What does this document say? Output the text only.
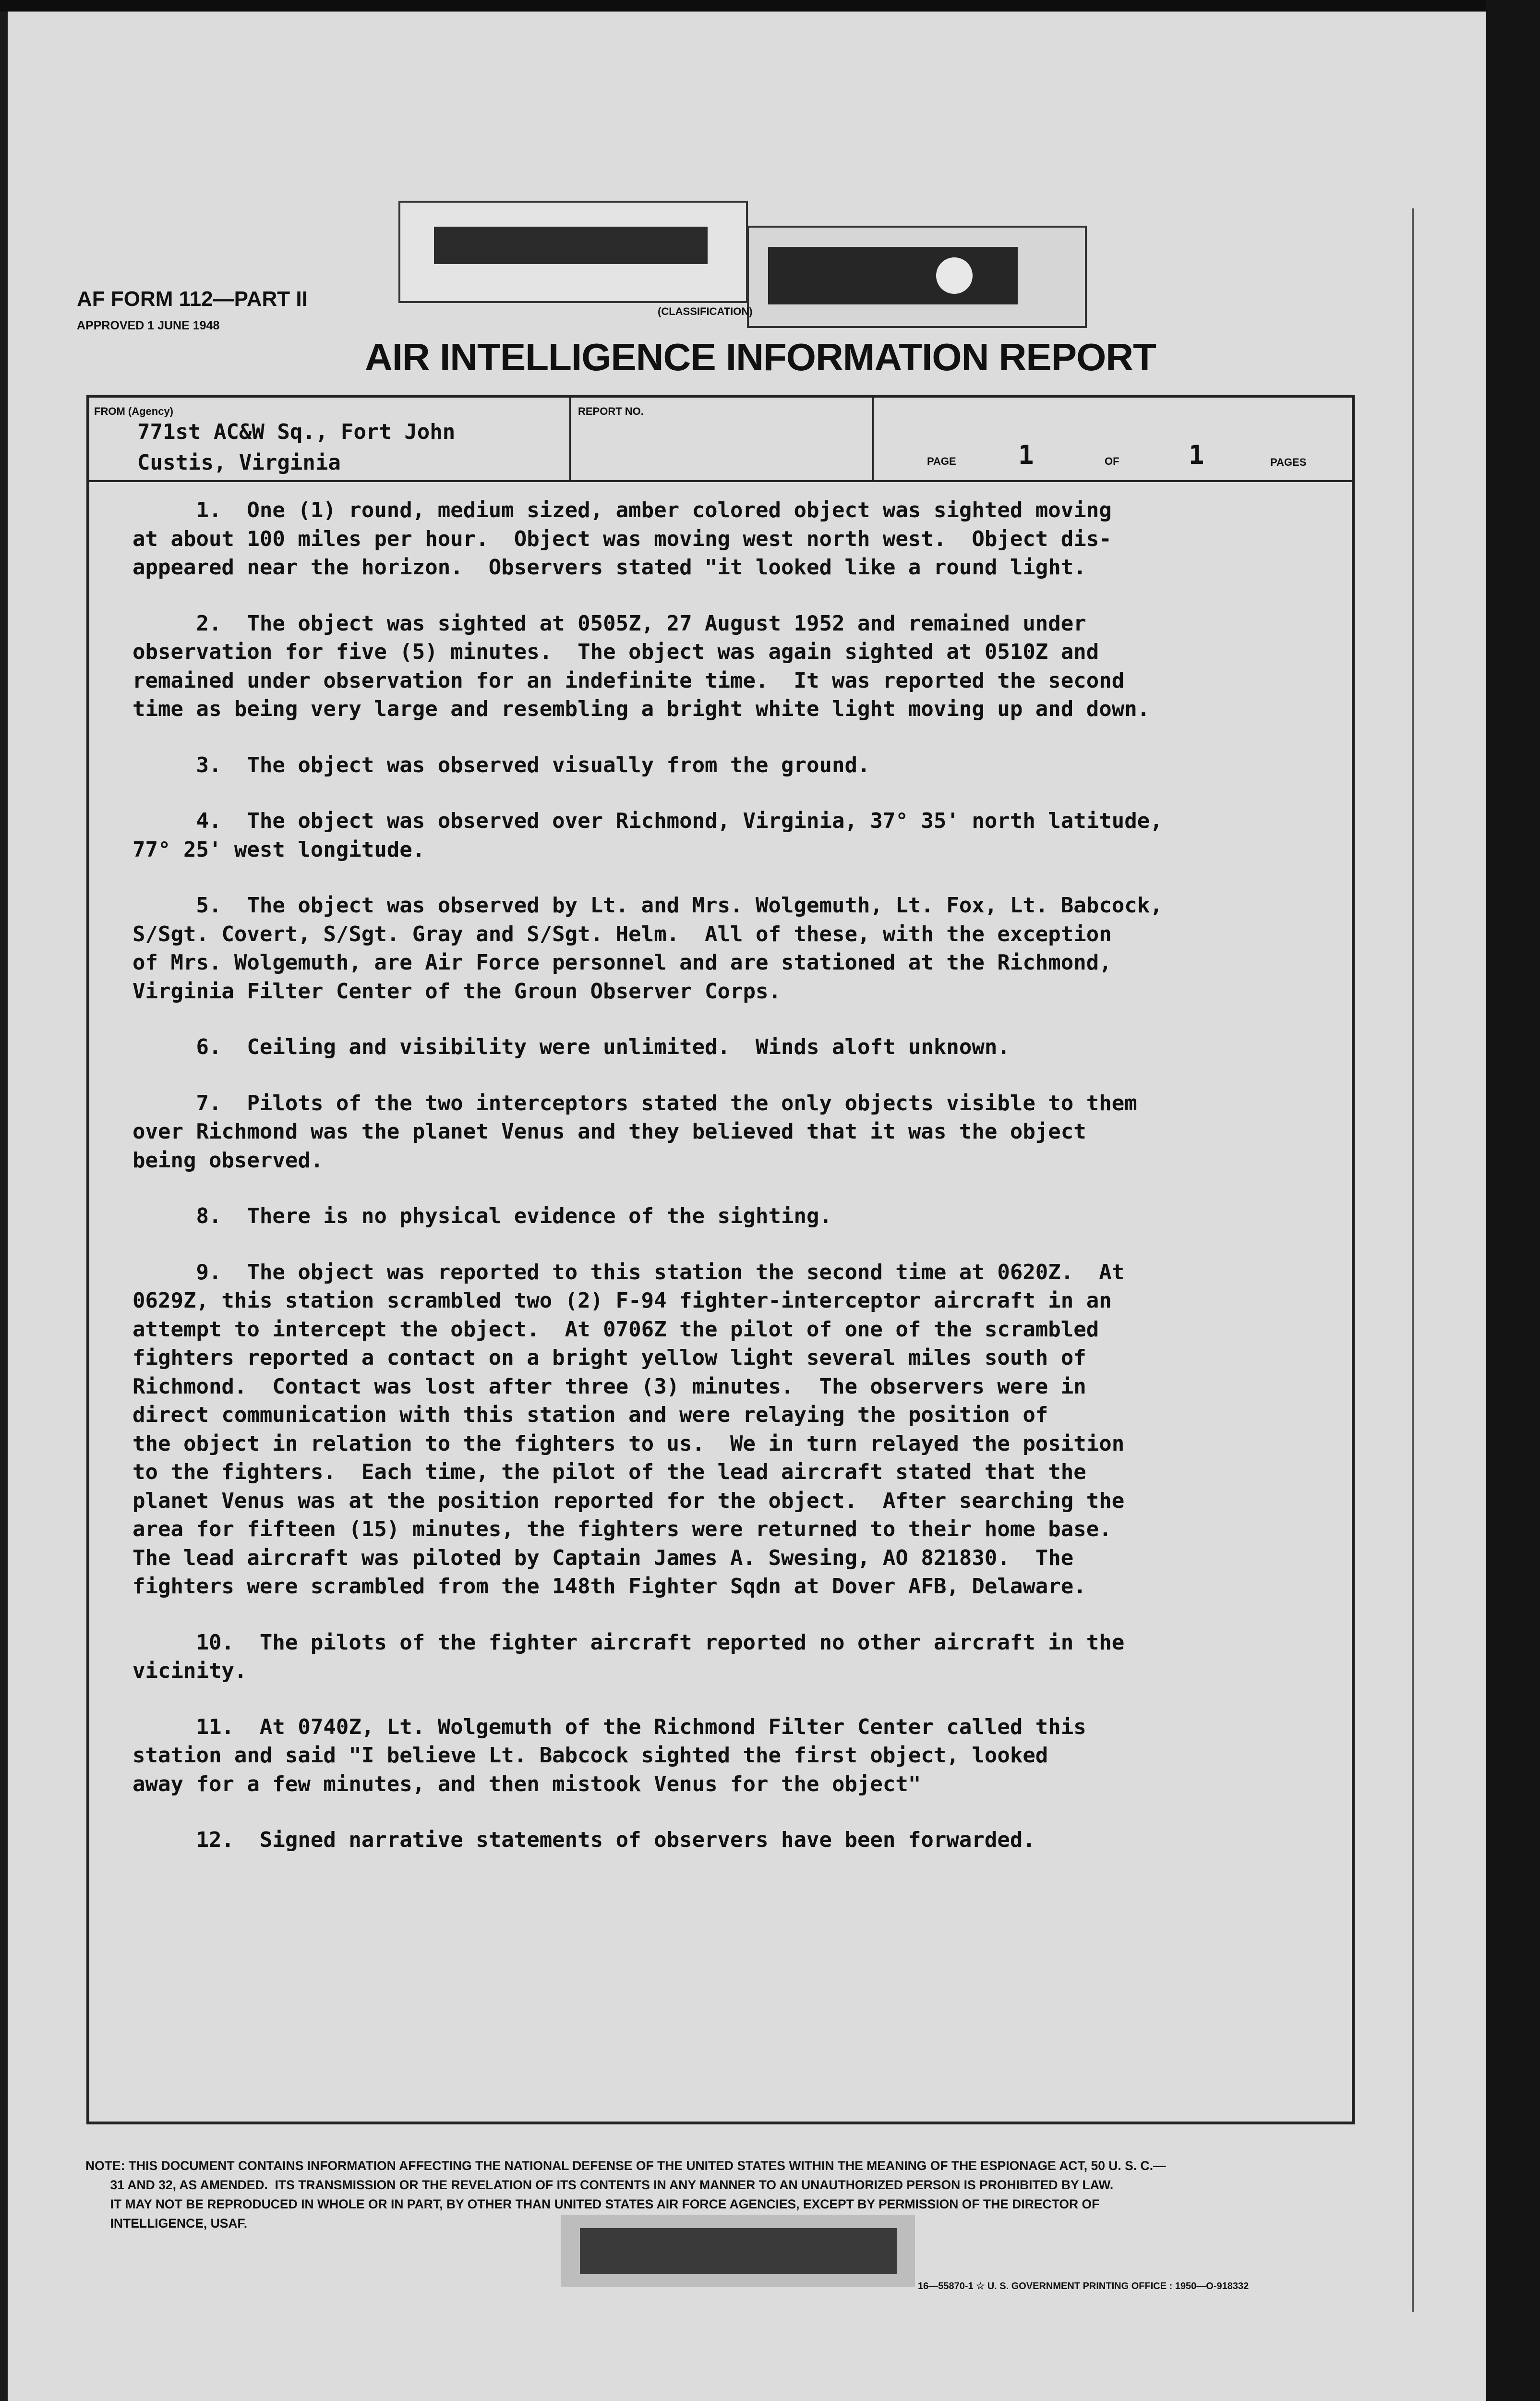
AF FORM 112—PART II
APPROVED 1 JUNE 1948
(CLASSIFICATION)
AIR INTELLIGENCE INFORMATION REPORT
FROM (Agency)
771st AC&W Sq., Fort John
Custis, Virginia
REPORT NO.
PAGE 1	OF	1	PAGES

1.  One (1) round, medium sized, amber colored object was sighted moving
at about 100 miles per hour.  Object was moving west north west.  Object dis-
appeared near the horizon.  Observers stated "it looked like a round light.

2.  The object was sighted at 0505Z, 27 August 1952 and remained under
observation for five (5) minutes.  The object was again sighted at 0510Z and
remained under observation for an indefinite time.  It was reported the second
time as being very large and resembling a bright white light moving up and down.

3.  The object was observed visually from the ground.

4.  The object was observed over Richmond, Virginia, 37° 35' north latitude,
77° 25' west longitude.

5.  The object was observed by Lt. and Mrs. Wolgemuth, Lt. Fox, Lt. Babcock,
S/Sgt. Covert, S/Sgt. Gray and S/Sgt. Helm.  All of these, with the exception
of Mrs. Wolgemuth, are Air Force personnel and are stationed at the Richmond,
Virginia Filter Center of the Groun Observer Corps.

6.  Ceiling and visibility were unlimited.  Winds aloft unknown.

7.  Pilots of the two interceptors stated the only objects visible to them
over Richmond was the planet Venus and they believed that it was the object
being observed.

8.  There is no physical evidence of the sighting.

9.  The object was reported to this station the second time at 0620Z.  At
0629Z, this station scrambled two (2) F-94 fighter-interceptor aircraft in an
attempt to intercept the object.  At 0706Z the pilot of one of the scrambled
fighters reported a contact on a bright yellow light several miles south of
Richmond.  Contact was lost after three (3) minutes.  The observers were in
direct communication with this station and were relaying the position of
the object in relation to the fighters to us.  We in turn relayed the position
to the fighters.  Each time, the pilot of the lead aircraft stated that the
planet Venus was at the position reported for the object.  After searching the
area for fifteen (15) minutes, the fighters were returned to their home base.
The lead aircraft was piloted by Captain James A. Swesing, AO 821830.  The
fighters were scrambled from the 148th Fighter Sqdn at Dover AFB, Delaware.

10.  The pilots of the fighter aircraft reported no other aircraft in the
vicinity.

11.  At 0740Z, Lt. Wolgemuth of the Richmond Filter Center called this
station and said "I believe Lt. Babcock sighted the first object, looked
away for a few minutes, and then mistook Venus for the object"

12.  Signed narrative statements of observers have been forwarded.

NOTE: THIS DOCUMENT CONTAINS INFORMATION AFFECTING THE NATIONAL DEFENSE OF THE UNITED STATES WITHIN THE MEANING OF THE ESPIONAGE ACT, 50 U. S. C.—
31 AND 32, AS AMENDED.  ITS TRANSMISSION OR THE REVELATION OF ITS CONTENTS IN ANY MANNER TO AN UNAUTHORIZED PERSON IS PROHIBITED BY LAW.
IT MAY NOT BE REPRODUCED IN WHOLE OR IN PART, BY OTHER THAN UNITED STATES AIR FORCE AGENCIES, EXCEPT BY PERMISSION OF THE DIRECTOR OF
INTELLIGENCE, USAF.
16—55870-1 ☆ U. S. GOVERNMENT PRINTING OFFICE : 1950—O-918332
